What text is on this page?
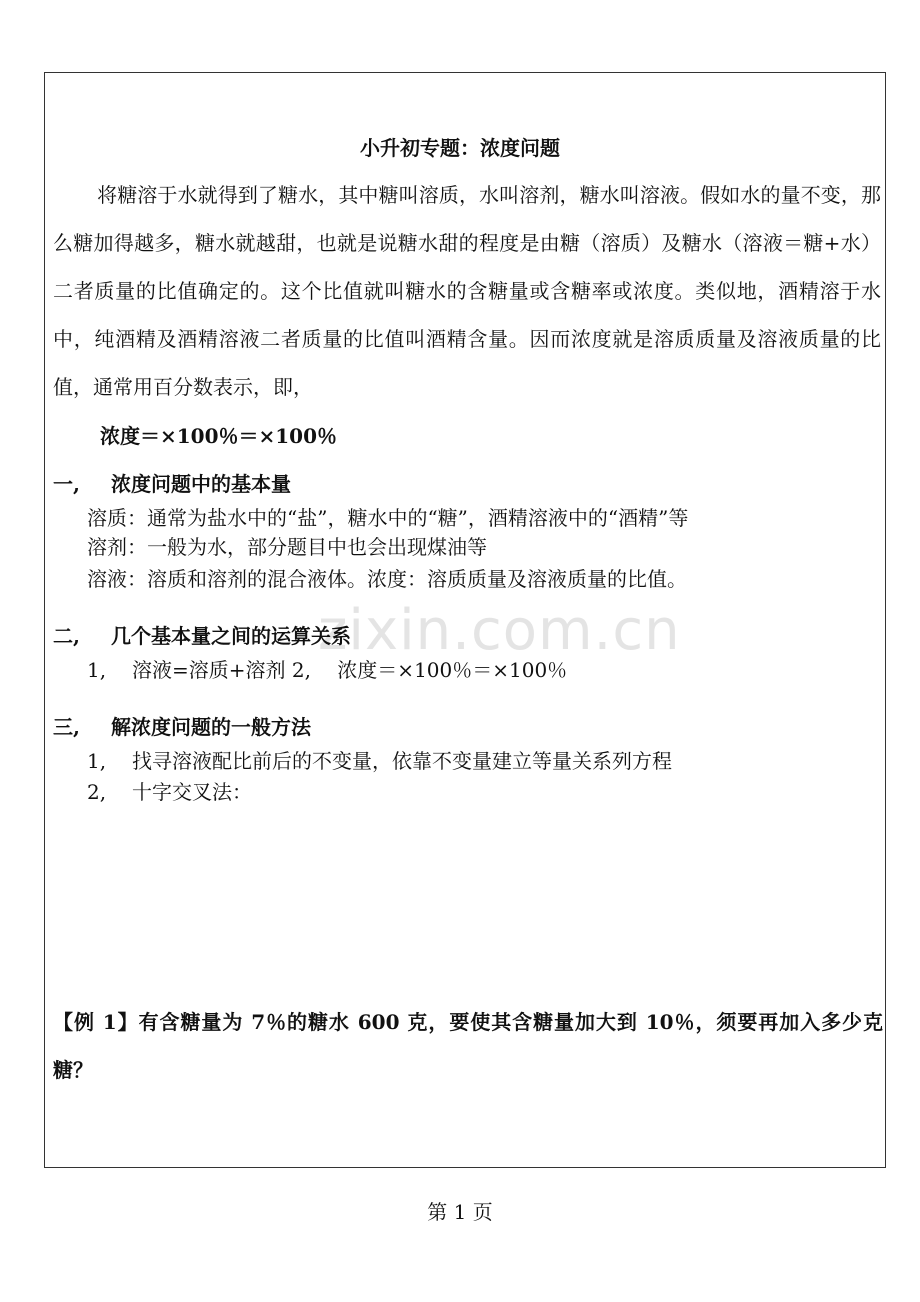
zixin.com.cn
小升初专题：浓度问题
将糖溶于水就得到了糖水，其中糖叫溶质，水叫溶剂，糖水叫溶液。假如水的量不变，那么糖加得越多，糖水就越甜，也就是说糖水甜的程度是由糖（溶质）及糖水（溶液＝糖+水）二者质量的比值确定的。这个比值就叫糖水的含糖量或含糖率或浓度。类似地，酒精溶于水中，纯酒精及酒精溶液二者质量的比值叫酒精含量。因而浓度就是溶质质量及溶液质量的比值，通常用百分数表示，即，
浓度＝×100％＝×100％
一, 浓度问题中的基本量
溶质：通常为盐水中的“盐”，糖水中的“糖”，酒精溶液中的“酒精”等
溶剂：一般为水，部分题目中也会出现煤油等
溶液：溶质和溶剂的混合液体。浓度：溶质质量及溶液质量的比值。
二, 几个基本量之间的运算关系
1, 溶液=溶质+溶剂 2,　 浓度＝×100％＝×100％
三, 解浓度问题的一般方法
1, 找寻溶液配比前后的不变量，依靠不变量建立等量关系列方程
2, 十字交叉法：
【例 1】有含糖量为 7％的糖水 600 克，要使其含糖量加大到 10％，须要再加入多少克糖？
第 1 页
